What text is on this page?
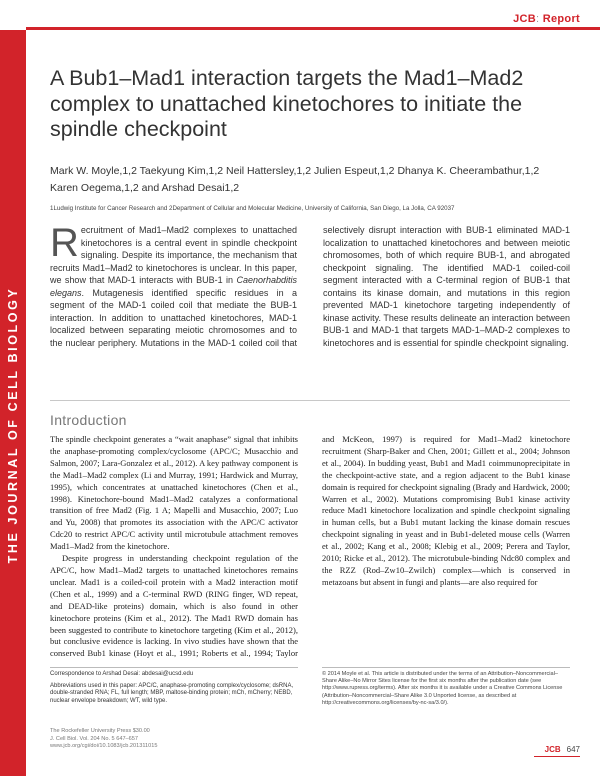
JCB: Report
THE JOURNAL OF CELL BIOLOGY
A Bub1–Mad1 interaction targets the Mad1–Mad2 complex to unattached kinetochores to initiate the spindle checkpoint
Mark W. Moyle,1,2 Taekyung Kim,1,2 Neil Hattersley,1,2 Julien Espeut,1,2 Dhanya K. Cheerambathur,1,2
Karen Oegema,1,2 and Arshad Desai1,2
1Ludwig Institute for Cancer Research and 2Department of Cellular and Molecular Medicine, University of California, San Diego, La Jolla, CA 92037
Recruitment of Mad1–Mad2 complexes to unattached kinetochores is a central event in spindle checkpoint signaling. Despite its importance, the mechanism that recruits Mad1–Mad2 to kinetochores is unclear. In this paper, we show that MAD-1 interacts with BUB-1 in Caenorhabditis elegans. Mutagenesis identified specific residues in a segment of the MAD-1 coiled coil that mediate the BUB-1 interaction. In addition to unattached kinetochores, MAD-1 localized between separating meiotic chromosomes and to the nuclear periphery. Mutations in the MAD-1 coiled coil that selectively disrupt interaction with BUB-1 eliminated MAD-1 localization to unattached kinetochores and between meiotic chromosomes, both of which require BUB-1, and abrogated checkpoint signaling. The identified MAD-1 coiled-coil segment interacted with a C-terminal region of BUB-1 that contains its kinase domain, and mutations in this region prevented MAD-1 kinetochore targeting independently of kinase activity. These results delineate an interaction between BUB-1 and MAD-1 that targets MAD-1–MAD-2 complexes to kinetochores and is essential for spindle checkpoint signaling.
Introduction

The spindle checkpoint generates a “wait anaphase” signal that inhibits the anaphase-promoting complex/cyclosome (APC/C; Musacchio and Salmon, 2007; Lara-Gonzalez et al., 2012). A key pathway component is the Mad1–Mad2 complex (Li and Murray, 1991; Hardwick and Murray, 1995), which concentrates at unattached kinetochores (Chen et al., 1998). Kinetochore-bound Mad1–Mad2 catalyzes a conformational transition of free Mad2 (Fig. 1 A; Mapelli and Musacchio, 2007; Luo and Yu, 2008) that promotes its association with the APC/C activator Cdc20 to restrict APC/C activity until microtubule attachment removes Mad1–Mad2 from the kinetochore.

Despite progress in understanding checkpoint regulation of the APC/C, how Mad1–Mad2 targets to unattached kinetochores remains unclear. Mad1 is a coiled-coil protein with a Mad2 interaction motif (Chen et al., 1999) and a C-terminal RWD (RING finger, WD repeat, and DEAD-like proteins) domain, which is also found in other kinetochore proteins (Kim et al., 2012). The Mad1 RWD domain has been suggested to contribute to kinetochore targeting (Kim et al., 2012), but conclusive evidence is lacking. In vivo studies have shown that the conserved Bub1 kinase (Hoyt et al., 1991; Roberts et al., 1994; Taylor and McKeon, 1997) is required for Mad1–Mad2 kinetochore recruitment (Sharp-Baker and Chen, 2001; Gillett et al., 2004; Johnson et al., 2004). In budding yeast, Bub1 and Mad1 coimmunoprecipitate in the checkpoint-active state, and a region adjacent to the Bub1 kinase domain is required for checkpoint signaling (Brady and Hardwick, 2000; Warren et al., 2002). Mutations compromising Bub1 kinase activity reduce Mad1 kinetochore localization and spindle checkpoint signaling in human cells, but a Bub1 mutant lacking the kinase domain rescues checkpoint signaling in yeast and in Bub1-deleted mouse cells (Warren et al., 2002; Kang et al., 2008; Klebig et al., 2009; Perera and Taylor, 2010; Ricke et al., 2012). The microtubule-binding Ndc80 complex and the RZZ (Rod–Zw10–Zwilch) complex—which is conserved in metazoans but absent in fungi and plants—are also required for

Correspondence to Arshad Desai: abdesai@ucsd.edu

Abbreviations used in this paper: APC/C, anaphase-promoting complex/cyclosome; dsRNA, double-stranded RNA; FL, full length; MBP, maltose-binding protein; mCh, mCherry; NEBD, nuclear envelope breakdown; WT, wild type.

© 2014 Moyle et al. This article is distributed under the terms of an Attribution–Noncommercial–Share Alike–No Mirror Sites license for the first six months after the publication date (see http://www.rupress.org/terms). After six months it is available under a Creative Commons License (Attribution–Noncommercial–Share Alike 3.0 Unported license, as described at http://creativecommons.org/licenses/by-nc-sa/3.0/).
The Rockefeller University Press $30.00
J. Cell Biol. Vol. 204 No. 5 647–657
www.jcb.org/cgi/doi/10.1083/jcb.201311015	JCB 647
